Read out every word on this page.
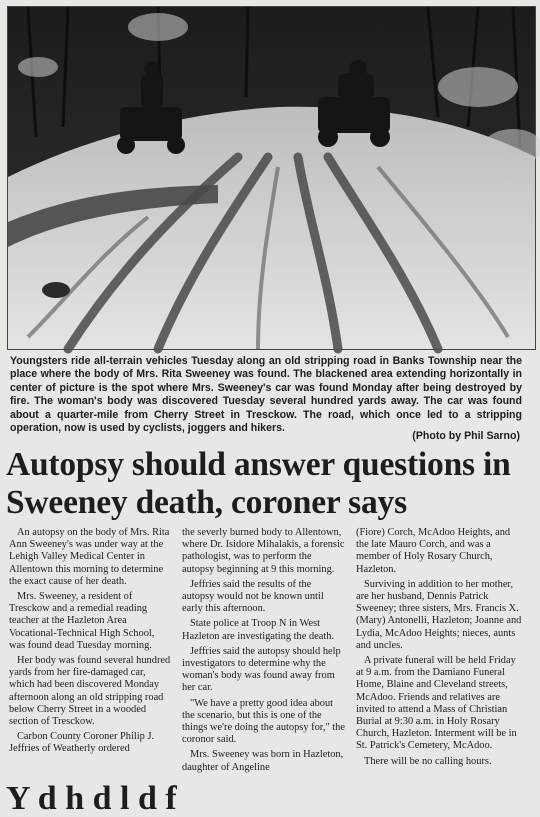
Youngsters ride all-terrain vehicles Tuesday along an old stripping road in Banks Township near the place where the body of Mrs. Rita Sweeney was found. The blackened area extending horizontally in center of picture is the spot where Mrs. Sweeney's car was found Monday after being destroyed by fire. The woman's body was discovered Tuesday several hundred yards away. The car was found about a quarter-mile from Cherry Street in Tresckow. The road, which once led to a stripping operation, now is used by cyclists, joggers and hikers.
(Photo by Phil Sarno)
Autopsy should answer questions in Sweeney death, coroner says

An autopsy on the body of Mrs. Rita Ann Sweeney's was under way at the Lehigh Valley Medical Center in Allentown this morning to determine the exact cause of her death.

Mrs. Sweeney, a resident of Tresckow and a remedial reading teacher at the Hazleton Area Vocational-Technical High School, was found dead Tuesday morning.

Her body was found several hundred yards from her fire-damaged car, which had been discovered Monday afternoon along an old stripping road below Cherry Street in a wooded section of Tresckow.

Carbon County Coroner Philip J. Jeffries of Weatherly ordered

the severly burned body to Allentown, where Dr. Isidore Mihalakis, a forensic pathologist, was to perform the autopsy beginning at 9 this morning.

Jeffries said the results of the autopsy would not be known until early this afternoon.

State police at Troop N in West Hazleton are investigating the death.

Jeffries said the autopsy should help investigators to determine why the woman's body was found away from her car.

"We have a pretty good idea about the scenario, but this is one of the things we're doing the autopsy for," the coronor said.

Mrs. Sweeney was born in Hazleton, daughter of Angeline

(Fiore) Corch, McAdoo Heights, and the late Mauro Corch, and was a member of Holy Rosary Church, Hazleton.

Surviving in addition to her mother, are her husband, Dennis Patrick Sweeney; three sisters, Mrs. Francis X. (Mary) Antonelli, Hazleton; Joanne and Lydia, McAdoo Heights; nieces, aunts and uncles.

A private funeral will be held Friday at 9 a.m. from the Damiano Funeral Home, Blaine and Cleveland streets, McAdoo. Friends and relatives are invited to attend a Mass of Christian Burial at 9:30 a.m. in Holy Rosary Church, Hazleton. Interment will be in St. Patrick's Cemetery, McAdoo.

There will be no calling hours.

Y d h d l d f
